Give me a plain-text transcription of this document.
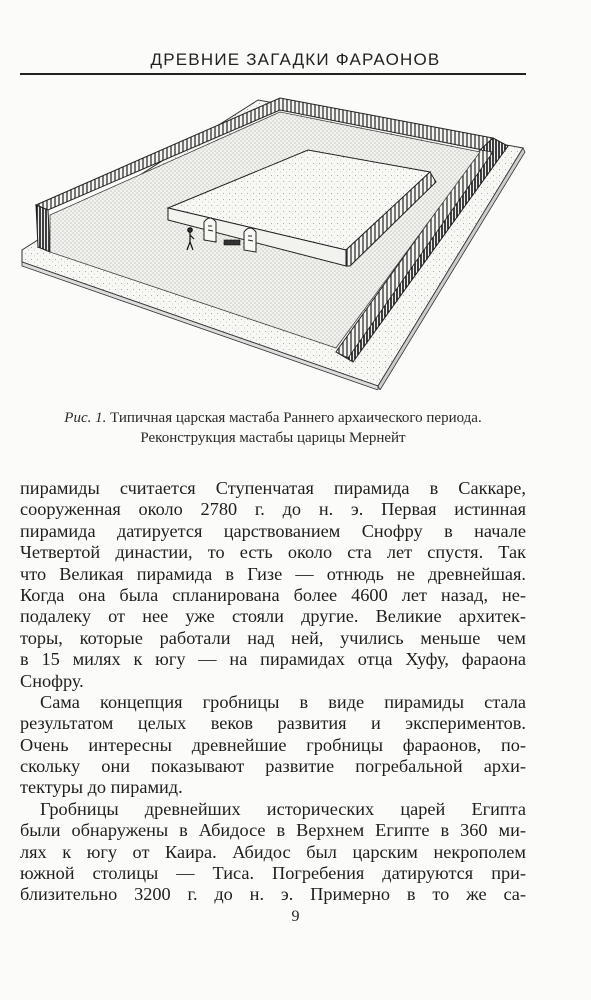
ДРЕВНИЕ ЗАГАДКИ ФАРАОНОВ
Рис. 1. Типичная царская мастаба Раннего архаического периода.
Реконструкция мастабы царицы Мернейт
пирамиды считается Ступенчатая пирамида в Саккаре,
сооруженная около 2780 г. до н. э. Первая истинная
пирамида датируется царствованием Снофру в начале
Четвертой династии, то есть около ста лет спустя. Так
что Великая пирамида в Гизе — отнюдь не древнейшая.
Когда она была спланирована более 4600 лет назад, не-
подалеку от нее уже стояли другие. Великие архитек-
торы, которые работали над ней, учились меньше чем
в 15 милях к югу — на пирамидах отца Хуфу, фараона
Снофру.
Сама концепция гробницы в виде пирамиды стала
результатом целых веков развития и экспериментов.
Очень интересны древнейшие гробницы фараонов, по-
скольку они показывают развитие погребальной архи-
тектуры до пирамид.
Гробницы древнейших исторических царей Египта
были обнаружены в Абидосе в Верхнем Египте в 360 ми-
лях к югу от Каира. Абидос был царским некрополем
южной столицы — Тиса. Погребения датируются при-
близительно 3200 г. до н. э. Примерно в то же са-
9
